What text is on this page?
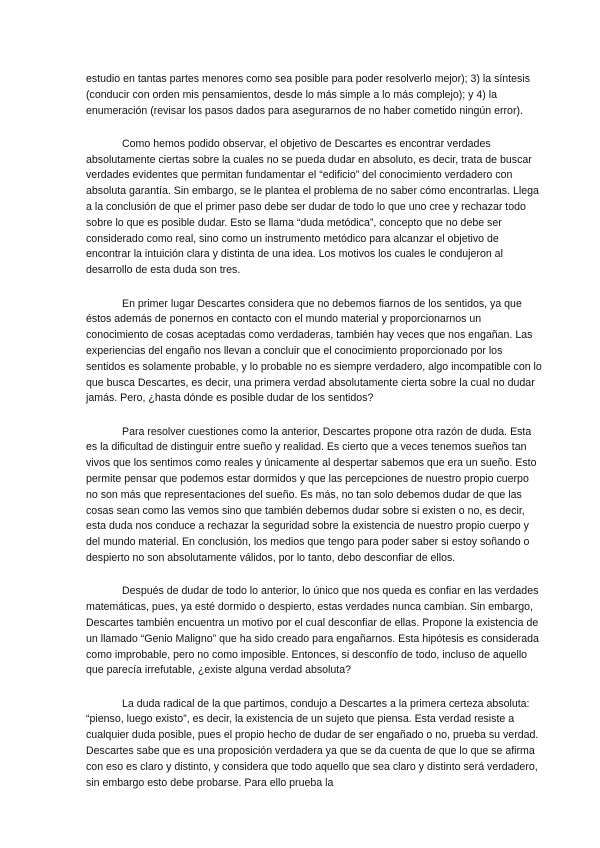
estudio en tantas partes menores como sea posible para poder resolverlo mejor); 3) la síntesis (conducir con orden mis pensamientos, desde lo más simple a lo más complejo); y 4) la enumeración (revisar los pasos dados para asegurarnos de no haber cometido ningún error).

Como hemos podido observar, el objetivo de Descartes es encontrar verdades absolutamente ciertas sobre la cuales no se pueda dudar en absoluto, es decir, trata de buscar verdades evidentes que permitan fundamentar el “edificio” del conocimiento verdadero con absoluta garantía. Sin embargo, se le plantea el problema de no saber cómo encontrarlas. Llega a la conclusión de que el primer paso debe ser dudar de todo lo que uno cree y rechazar todo sobre lo que es posible dudar. Esto se llama “duda metódica”, concepto que no debe ser considerado como real, sino como un instrumento metódico para alcanzar el objetivo de encontrar la intuición clara y distinta de una idea. Los motivos los cuales le condujeron al desarrollo de esta duda son tres.

En primer lugar Descartes considera que no debemos fiarnos de los sentidos, ya que éstos además de ponernos en contacto con el mundo material y proporcionarnos un conocimiento de cosas aceptadas como verdaderas, también hay veces que nos engañan. Las experiencias del engaño nos llevan a concluir que el conocimiento proporcionado por los sentidos es solamente probable, y lo probable no es siempre verdadero, algo incompatible con lo que busca Descartes, es decir, una primera verdad absolutamente cierta sobre la cual no dudar jamás. Pero, ¿hasta dónde es posible dudar de los sentidos?

Para resolver cuestiones como la anterior, Descartes propone otra razón de duda. Esta es la dificultad de distinguir entre sueño y realidad. Es cierto que a veces tenemos sueños tan vivos que los sentimos como reales y únicamente al despertar sabemos que era un sueño. Esto permite pensar que podemos estar dormidos y que las percepciones de nuestro propio cuerpo no son más que representaciones del sueño. Es más, no tan solo debemos dudar de que las cosas sean como las vemos sino que también debemos dudar sobre si existen o no, es decir, esta duda nos conduce a rechazar la seguridad sobre la existencia de nuestro propio cuerpo y del mundo material. En conclusión, los medios que tengo para poder saber si estoy soñando o despierto no son absolutamente válidos, por lo tanto, debo desconfiar de ellos.

Después de dudar de todo lo anterior, lo único que nos queda es confiar en las verdades matemáticas, pues, ya esté dormido o despierto, estas verdades nunca cambian. Sin embargo, Descartes también encuentra un motivo por el cual desconfiar de ellas. Propone la existencia de un llamado “Genio Maligno” que ha sido creado para engañarnos. Esta hipótesis es considerada como improbable, pero no como imposible. Entonces, si desconfío de todo, incluso de aquello que parecía irrefutable, ¿existe alguna verdad absoluta?

La duda radical de la que partimos, condujo a Descartes a la primera certeza absoluta: “pienso, luego existo”, es decir, la existencia de un sujeto que piensa. Esta verdad resiste a cualquier duda posible, pues el propio hecho de dudar de ser engañado o no, prueba su verdad. Descartes sabe que es una proposición verdadera ya que se da cuenta de que lo que se afirma con eso es claro y distinto, y considera que todo aquello que sea claro y distinto será verdadero, sin embargo esto debe probarse. Para ello prueba la
